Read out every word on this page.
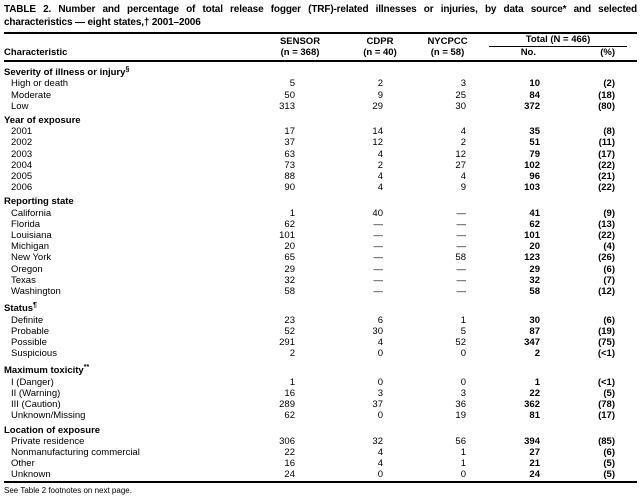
TABLE 2. Number and percentage of total release fogger (TRF)-related illnesses or injuries, by data source* and selected
characteristics — eight states,† 2001–2006
	SENSOR	CDPR	NYCPCC	Total (N = 466)	

Characteristic	(n = 368)	(n = 40)	(n = 58)	No.	(%)
Severity of illness or injury§
High or death	5	2	3	10	(2)
Moderate	50	9	25	84	(18)
Low	313	29	30	372	(80)
Year of exposure					
2001	17	14	4	35	(8)
2002	37	12	2	51	(11)
2003	63	4	12	79	(17)
2004	73	2	27	102	(22)
2005	88	4	4	96	(21)
2006	90	4	9	103	(22)
Reporting state					
California	1	40	—	41	(9)
Florida	62	—	—	62	(13)
Louisiana	101	—	—	101	(22)
Michigan	20	—	—	20	(4)
New York	65	—	58	123	(26)
Oregon	29	—	—	29	(6)
Texas	32	—	—	32	(7)
Washington	58	—	—	58	(12)
Status¶
Definite	23	6	1	30	(6)
Probable	52	30	5	87	(19)
Possible	291	4	52	347	(75)
Suspicious	2	0	0	2	(<1)
Maximum toxicity**
I (Danger)	1	0	0	1	(<1)
II (Warning)	16	3	3	22	(5)
III (Caution)	289	37	36	362	(78)
Unknown/Missing	62	0	19	81	(17)
Location of exposure					
Private residence	306	32	56	394	(85)
Nonmanufacturing commercial	22	4	1	27	(6)
Other	16	4	1	21	(5)
Unknown	24	0	0	24	(5)
See Table 2 footnotes on next page.
